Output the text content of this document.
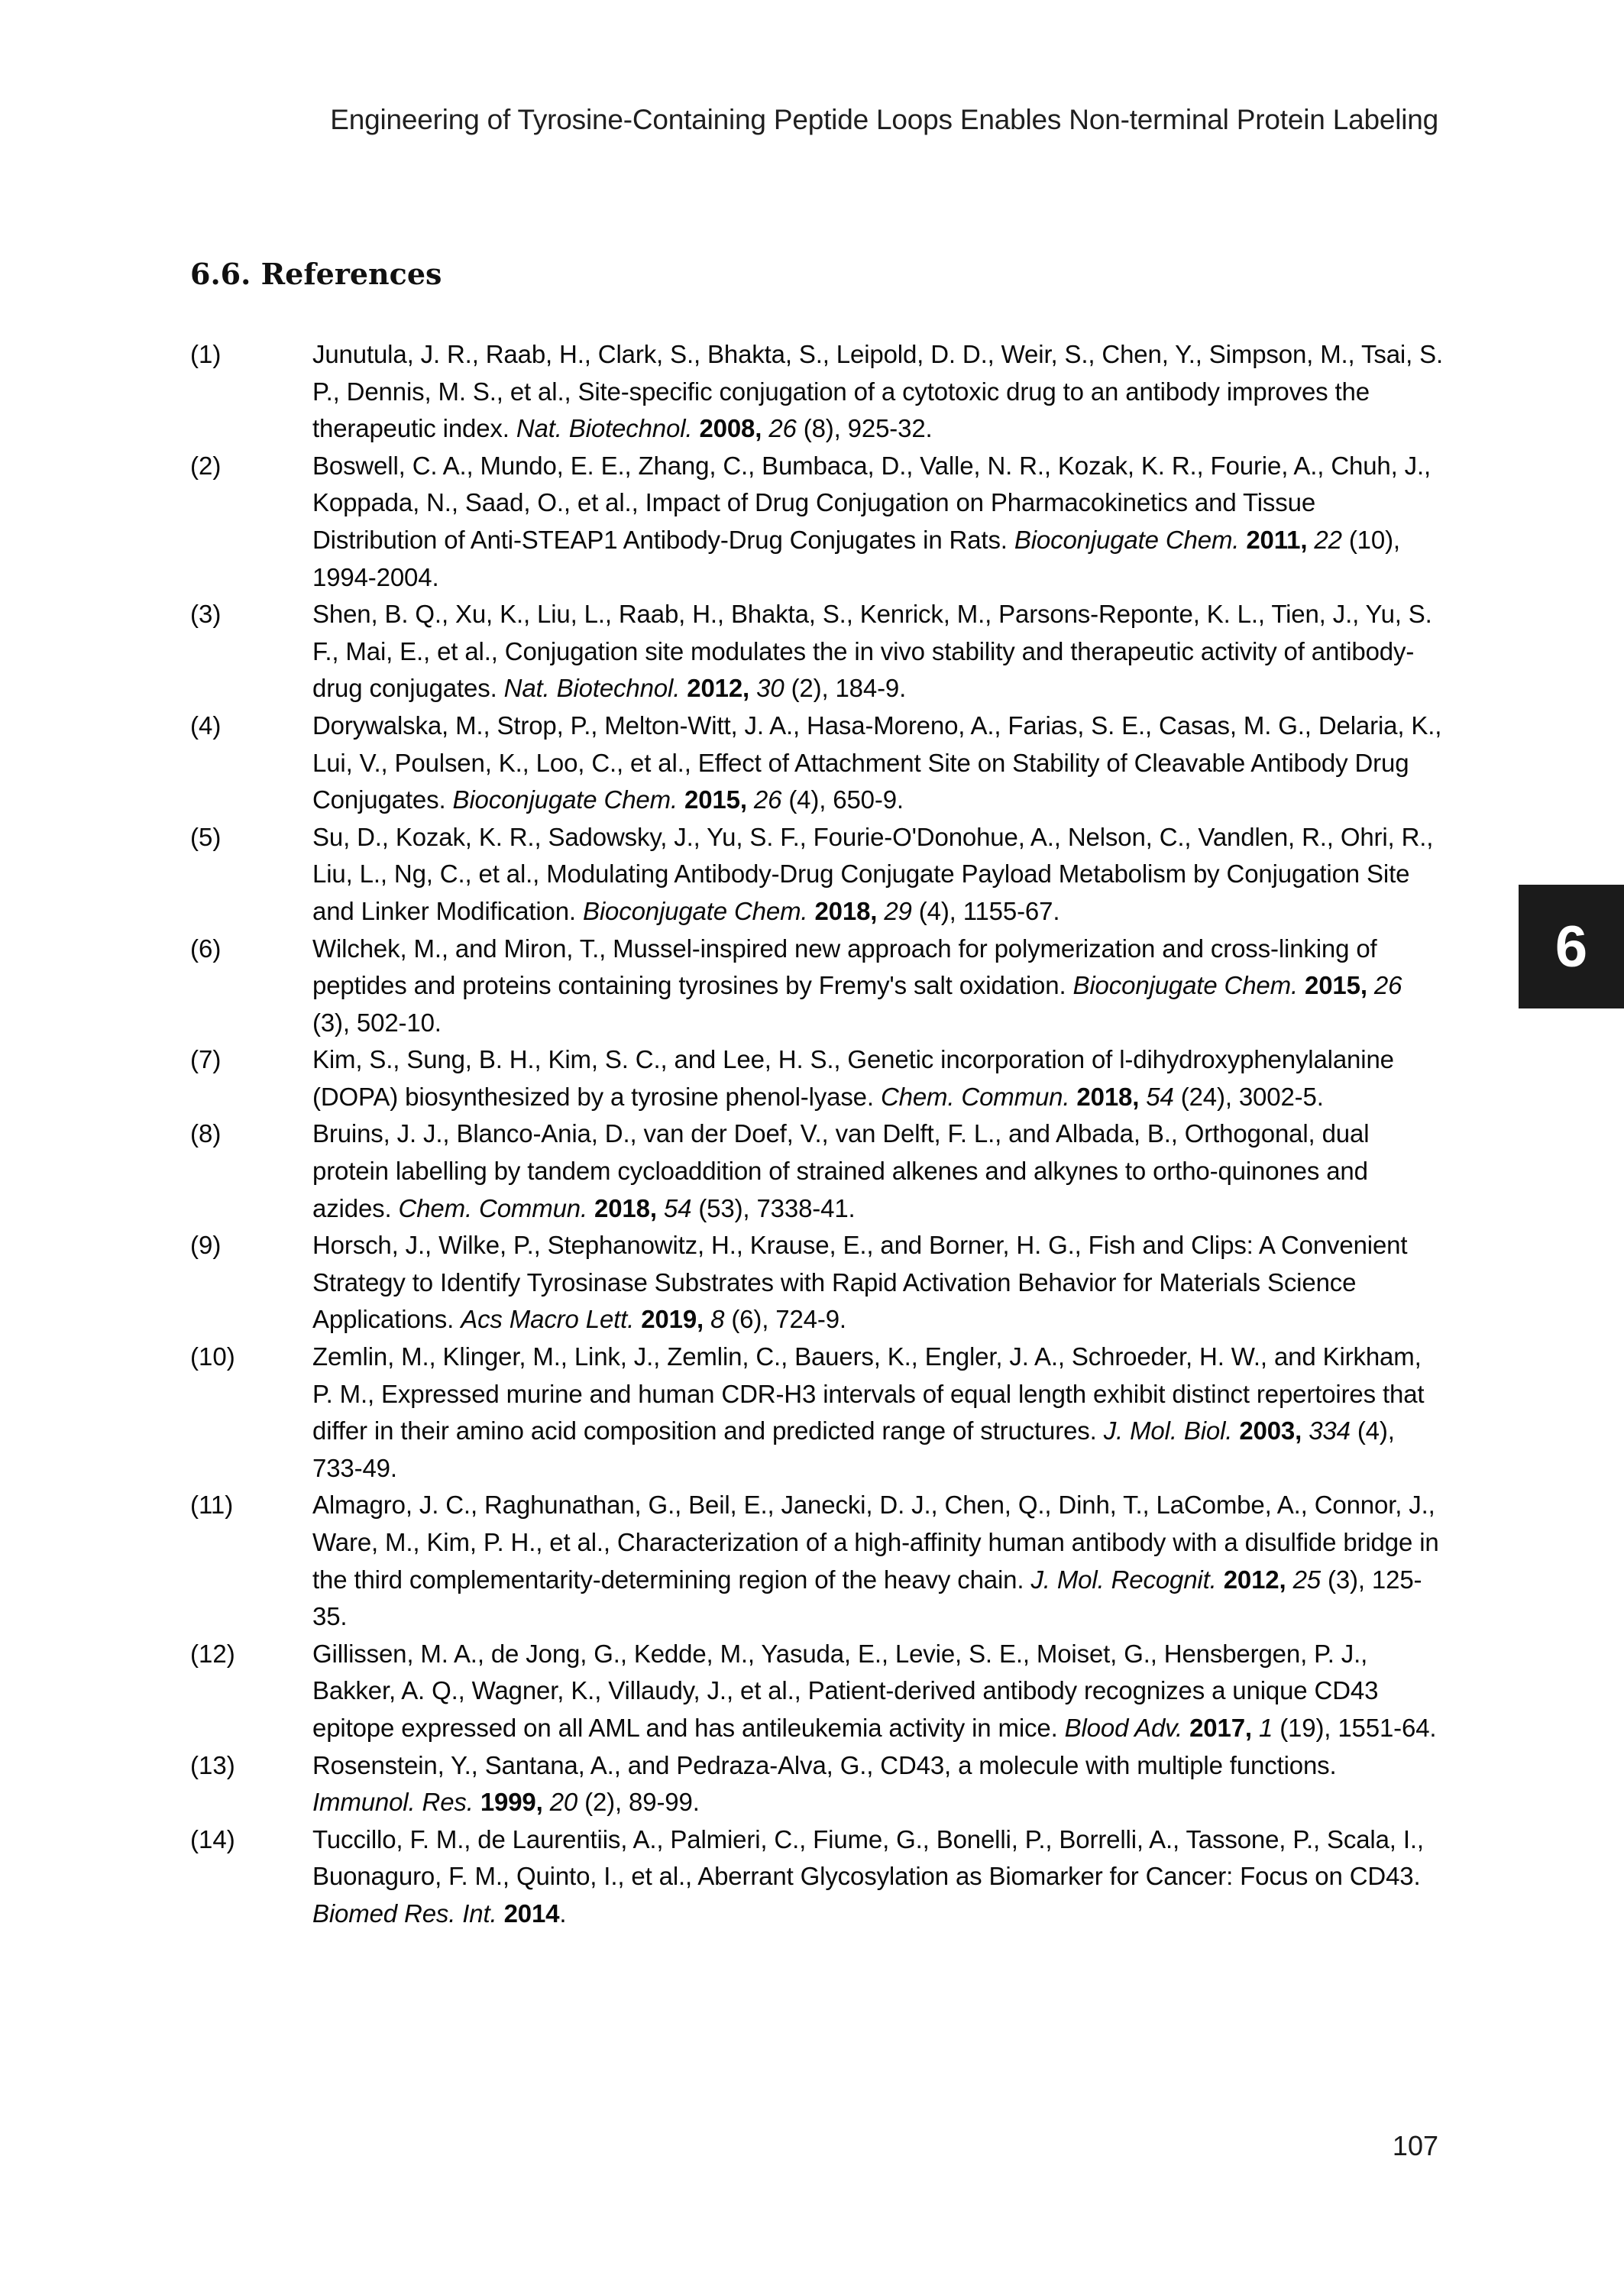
Engineering of Tyrosine-Containing Peptide Loops Enables Non-terminal Protein Labeling
6.6. References
(1)	Junutula, J. R., Raab, H., Clark, S., Bhakta, S., Leipold, D. D., Weir, S., Chen, Y., Simpson, M., Tsai, S. P., Dennis, M. S., et al., Site-specific conjugation of a cytotoxic drug to an antibody improves the therapeutic index. Nat. Biotechnol. 2008, 26 (8), 925-32.
(2)	Boswell, C. A., Mundo, E. E., Zhang, C., Bumbaca, D., Valle, N. R., Kozak, K. R., Fourie, A., Chuh, J., Koppada, N., Saad, O., et al., Impact of Drug Conjugation on Pharmacokinetics and Tissue Distribution of Anti-STEAP1 Antibody-Drug Conjugates in Rats. Bioconjugate Chem. 2011, 22 (10), 1994-2004.
(3)	Shen, B. Q., Xu, K., Liu, L., Raab, H., Bhakta, S., Kenrick, M., Parsons-Reponte, K. L., Tien, J., Yu, S. F., Mai, E., et al., Conjugation site modulates the in vivo stability and therapeutic activity of antibody-drug conjugates. Nat. Biotechnol. 2012, 30 (2), 184-9.
(4)	Dorywalska, M., Strop, P., Melton-Witt, J. A., Hasa-Moreno, A., Farias, S. E., Casas, M. G., Delaria, K., Lui, V., Poulsen, K., Loo, C., et al., Effect of Attachment Site on Stability of Cleavable Antibody Drug Conjugates. Bioconjugate Chem. 2015, 26 (4), 650-9.
(5)	Su, D., Kozak, K. R., Sadowsky, J., Yu, S. F., Fourie-O'Donohue, A., Nelson, C., Vandlen, R., Ohri, R., Liu, L., Ng, C., et al., Modulating Antibody-Drug Conjugate Payload Metabolism by Conjugation Site and Linker Modification. Bioconjugate Chem. 2018, 29 (4), 1155-67.
(6)	Wilchek, M., and Miron, T., Mussel-inspired new approach for polymerization and cross-linking of peptides and proteins containing tyrosines by Fremy's salt oxidation. Bioconjugate Chem. 2015, 26 (3), 502-10.
(7)	Kim, S., Sung, B. H., Kim, S. C., and Lee, H. S., Genetic incorporation of l-dihydroxyphenylalanine (DOPA) biosynthesized by a tyrosine phenol-lyase. Chem. Commun. 2018, 54 (24), 3002-5.
(8)	Bruins, J. J., Blanco-Ania, D., van der Doef, V., van Delft, F. L., and Albada, B., Orthogonal, dual protein labelling by tandem cycloaddition of strained alkenes and alkynes to ortho-quinones and azides. Chem. Commun. 2018, 54 (53), 7338-41.
(9)	Horsch, J., Wilke, P., Stephanowitz, H., Krause, E., and Borner, H. G., Fish and Clips: A Convenient Strategy to Identify Tyrosinase Substrates with Rapid Activation Behavior for Materials Science Applications. Acs Macro Lett. 2019, 8 (6), 724-9.
(10)	Zemlin, M., Klinger, M., Link, J., Zemlin, C., Bauers, K., Engler, J. A., Schroeder, H. W., and Kirkham, P. M., Expressed murine and human CDR-H3 intervals of equal length exhibit distinct repertoires that differ in their amino acid composition and predicted range of structures. J. Mol. Biol. 2003, 334 (4), 733-49.
(11)	Almagro, J. C., Raghunathan, G., Beil, E., Janecki, D. J., Chen, Q., Dinh, T., LaCombe, A., Connor, J., Ware, M., Kim, P. H., et al., Characterization of a high-affinity human antibody with a disulfide bridge in the third complementarity-determining region of the heavy chain. J. Mol. Recognit. 2012, 25 (3), 125-35.
(12)	Gillissen, M. A., de Jong, G., Kedde, M., Yasuda, E., Levie, S. E., Moiset, G., Hensbergen, P. J., Bakker, A. Q., Wagner, K., Villaudy, J., et al., Patient-derived antibody recognizes a unique CD43 epitope expressed on all AML and has antileukemia activity in mice. Blood Adv. 2017, 1 (19), 1551-64.
(13)	Rosenstein, Y., Santana, A., and Pedraza-Alva, G., CD43, a molecule with multiple functions. Immunol. Res. 1999, 20 (2), 89-99.
(14)	Tuccillo, F. M., de Laurentiis, A., Palmieri, C., Fiume, G., Bonelli, P., Borrelli, A., Tassone, P., Scala, I., Buonaguro, F. M., Quinto, I., et al., Aberrant Glycosylation as Biomarker for Cancer: Focus on CD43. Biomed Res. Int. 2014.
6
107
